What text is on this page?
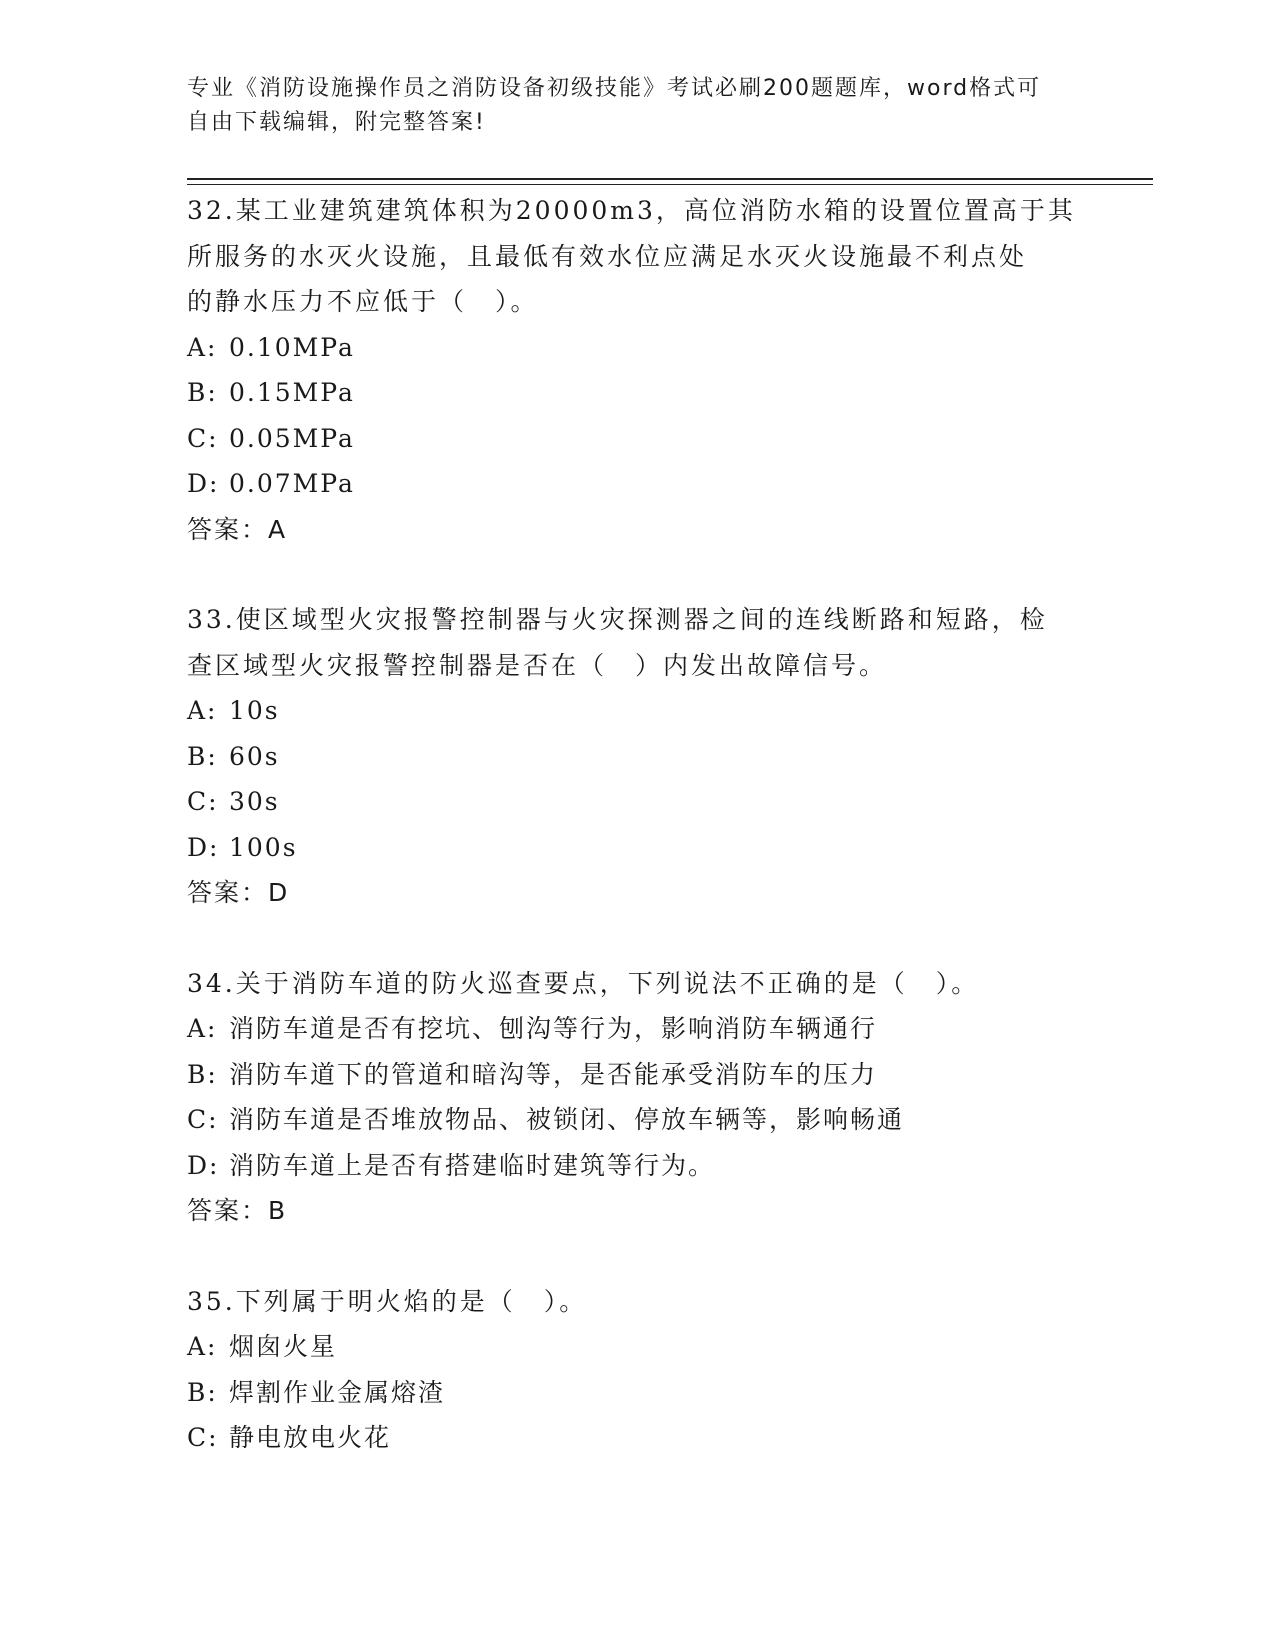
专业《消防设施操作员之消防设备初级技能》考试必刷200题题库，word格式可
自由下载编辑，附完整答案!

32.某工业建筑建筑体积为20000m3，高位消防水箱的设置位置高于其

所服务的水灭火设施，且最低有效水位应满足水灭火设施最不利点处

的静水压力不应低于（　）。

A: 0.10MPa

B: 0.15MPa

C: 0.05MPa

D: 0.07MPa

答案：A

33.使区域型火灾报警控制器与火灾探测器之间的连线断路和短路，检

查区域型火灾报警控制器是否在（　）内发出故障信号。

A: 10s

B: 60s

C: 30s

D: 100s

答案：D

34.关于消防车道的防火巡查要点，下列说法不正确的是（　）。

A: 消防车道是否有挖坑、刨沟等行为，影响消防车辆通行

B: 消防车道下的管道和暗沟等，是否能承受消防车的压力

C: 消防车道是否堆放物品、被锁闭、停放车辆等，影响畅通

D: 消防车道上是否有搭建临时建筑等行为。

答案：B

35.下列属于明火焰的是（　）。

A: 烟囱火星

B: 焊割作业金属熔渣

C: 静电放电火花
